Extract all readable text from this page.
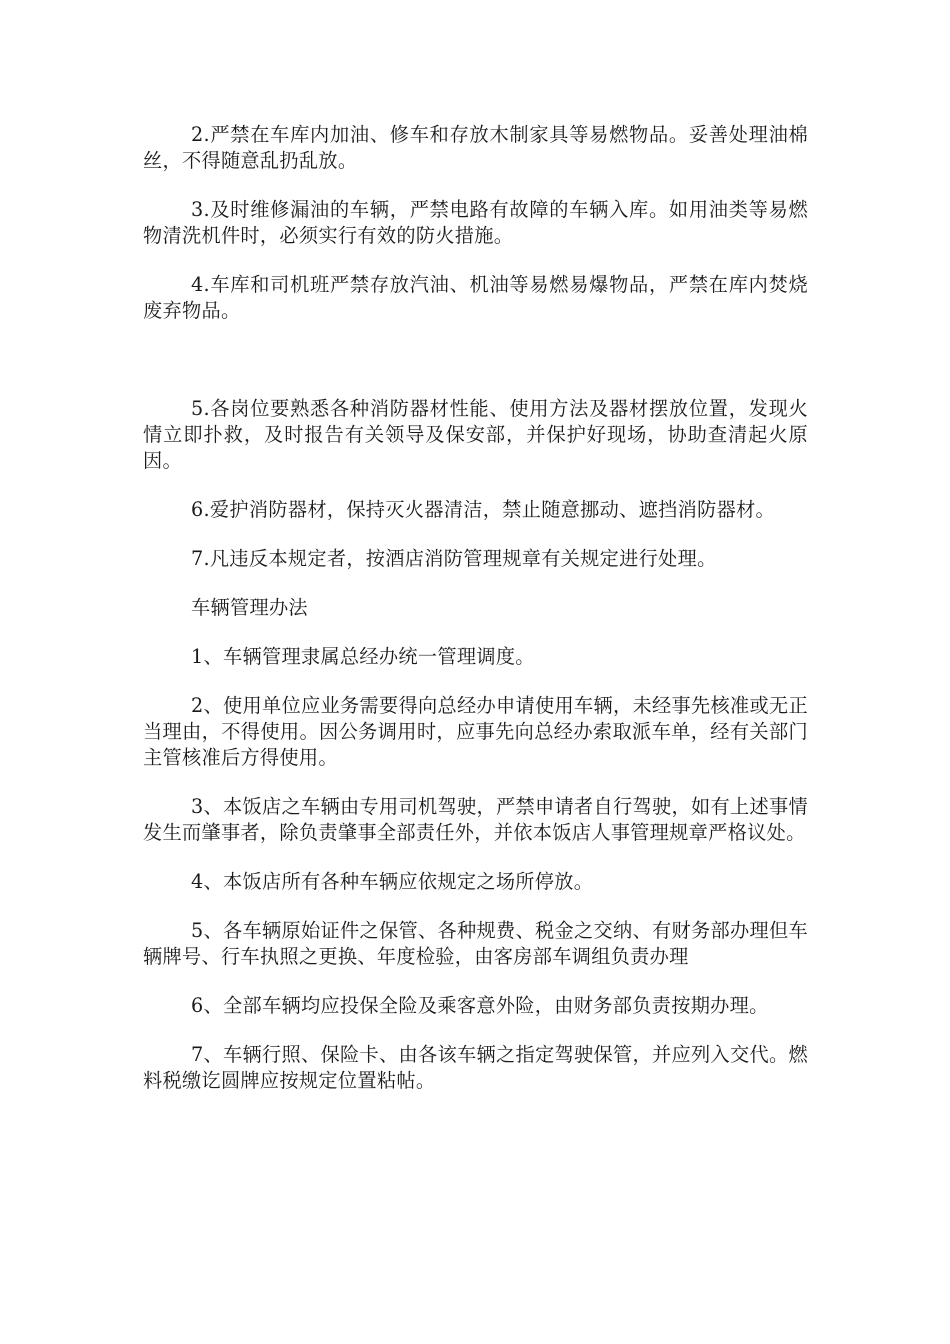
2.严禁在车库内加油、修车和存放木制家具等易燃物品。妥善处理油棉丝，不得随意乱扔乱放。

3.及时维修漏油的车辆，严禁电路有故障的车辆入库。如用油类等易燃物清洗机件时，必须实行有效的防火措施。

4.车库和司机班严禁存放汽油、机油等易燃易爆物品，严禁在库内焚烧废弃物品。

5.各岗位要熟悉各种消防器材性能、使用方法及器材摆放位置，发现火情立即扑救，及时报告有关领导及保安部，并保护好现场，协助查清起火原因。

6.爱护消防器材，保持灭火器清洁，禁止随意挪动、遮挡消防器材。

7.凡违反本规定者，按酒店消防管理规章有关规定进行处理。

车辆管理办法

1、车辆管理隶属总经办统一管理调度。

2、使用单位应业务需要得向总经办申请使用车辆，未经事先核准或无正当理由，不得使用。因公务调用时，应事先向总经办索取派车单，经有关部门主管核准后方得使用。

3、本饭店之车辆由专用司机驾驶，严禁申请者自行驾驶，如有上述事情发生而肇事者，除负责肇事全部责任外，并依本饭店人事管理规章严格议处。

4、本饭店所有各种车辆应依规定之场所停放。

5、各车辆原始证件之保管、各种规费、税金之交纳、有财务部办理但车辆牌号、行车执照之更换、年度检验，由客房部车调组负责办理

6、全部车辆均应投保全险及乘客意外险，由财务部负责按期办理。

7、车辆行照、保险卡、由各该车辆之指定驾驶保管，并应列入交代。燃料税缴讫圆牌应按规定位置粘帖。
